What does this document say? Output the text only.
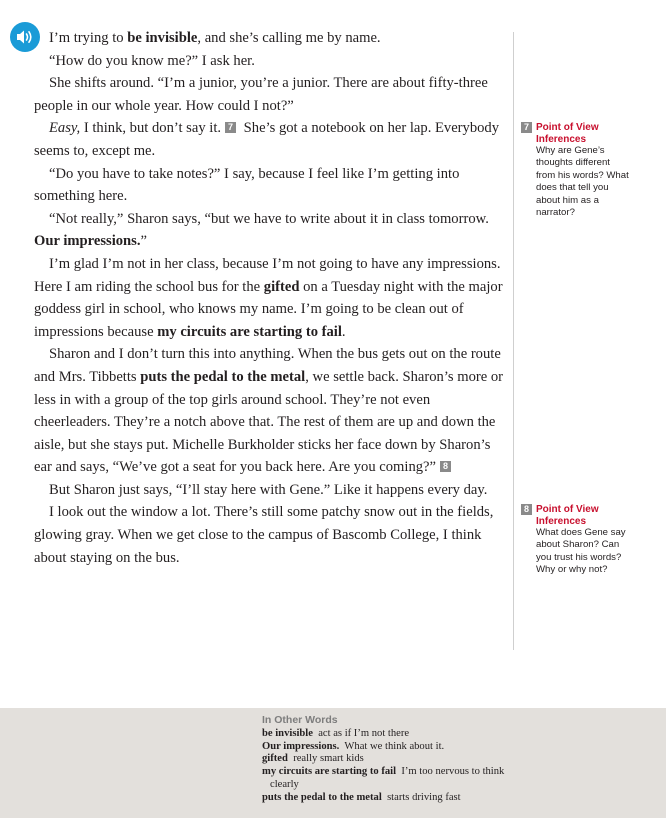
I’m trying to be invisible, and she’s calling me by name.

“How do you know me?” I ask her.

She shifts around. “I’m a junior, you’re a junior. There are about fifty-three people in our whole year. How could I not?”

Easy, I think, but don’t say it. 7 She’s got a notebook on her lap. Everybody seems to, except me.

“Do you have to take notes?” I say, because I feel like I’m getting into something here.

“Not really,” Sharon says, “but we have to write about it in class tomorrow. Our impressions.”

I’m glad I’m not in her class, because I’m not going to have any impressions. Here I am riding the school bus for the gifted on a Tuesday night with the major goddess girl in school, who knows my name. I’m going to be clean out of impressions because my circuits are starting to fail.

Sharon and I don’t turn this into anything. When the bus gets out on the route and Mrs. Tibbetts puts the pedal to the metal, we settle back. Sharon’s more or less in with a group of the top girls around school. They’re not even cheerleaders. They’re a notch above that. The rest of them are up and down the aisle, but she stays put. Michelle Burkholder sticks her face down by Sharon’s ear and says, “We’ve got a seat for you back here. Are you coming?” 8

But Sharon just says, “I’ll stay here with Gene.” Like it happens every day.

I look out the window a lot. There’s still some patchy snow out in the fields, glowing gray. When we get close to the campus of Bascomb College, I think about staying on the bus.

7 Point of View Inferences
Why are Gene’s thoughts different from his words? What does that tell you about him as a narrator?
8 Point of View Inferences
What does Gene say about Sharon? Can you trust his words? Why or why not?
In Other Words
be invisible act as if I’m not there
Our impressions. What we think about it.
gifted really smart kids
my circuits are starting to fail I’m too nervous to think clearly
puts the pedal to the metal starts driving fast
